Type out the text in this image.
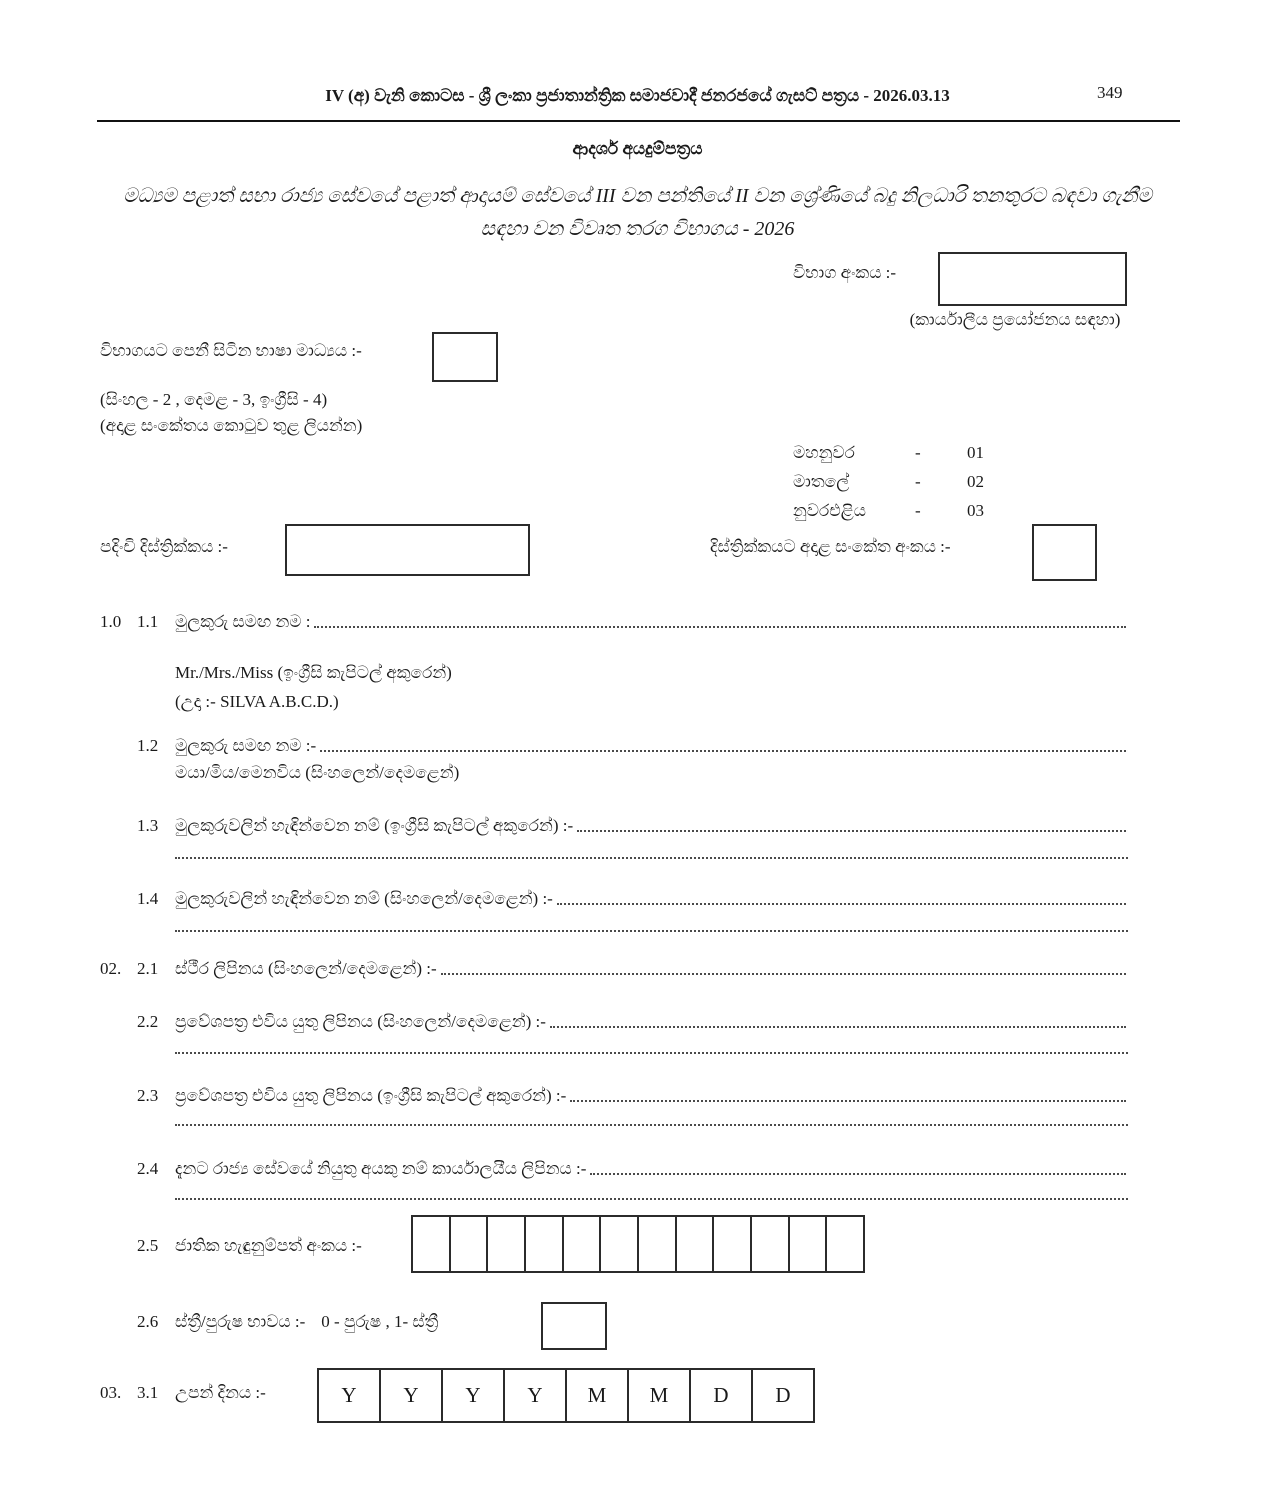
IV (අ) වැනි කොටස - ශ්‍රී ලංකා ප්‍රජාතාන්ත්‍රික සමාජවාදී ජනරජයේ ගැසට් පත්‍රය - 2026.03.13	349
ආදර්ශ අයදුම්පත්‍රය
මධ්‍යම පළාත් සභා රාජ්‍ය සේවයේ පළාත් ආදායම් සේවයේ III වන පන්තියේ II වන ශ්‍රේණියේ බදු නිලධාරි තනතුරට බඳවා ගැනීම
සඳහා වන විවෘත තරග විභාගය - 2026
විභාග අංකය :-
(කාර්යාලීය ප්‍රයෝජනය සඳහා)
විභාගයට පෙනී සිටින භාෂා මාධ්‍යය :-
(සිංහල - 2 , දෙමළ - 3, ඉංග්‍රීසි - 4)
(අදාළ සංකේතය කොටුව තුළ ලියන්න)
මහනුවර	-	01
මාතලේ	-	02
නුවරඑළිය	-	03
පදිංචි දිස්ත්‍රික්කය :-	දිස්ත්‍රික්කයට අදාළ සංකේත අංකය :-
1.0 1.1 මුලකුරු සමඟ නම :
Mr./Mrs./Miss (ඉංග්‍රීසි කැපිටල් අකුරෙන්)
(උදා :- SILVA A.B.C.D.)
1.2 මුලකුරු සමඟ නම :-
මයා/මිය/මෙනවිය (සිංහලෙන්/දෙමළෙන්)
1.3 මුලකුරුවලින් හැඳින්වෙන නම් (ඉංග්‍රීසි කැපිටල් අකුරෙන්) :-
1.4 මුලකුරුවලින් හැඳින්වෙන නම් (සිංහලෙන්/දෙමළෙන්) :-
02. 2.1 ස්ථීර ලිපිනය (සිංහලෙන්/දෙමළෙන්) :-
2.2 ප්‍රවේශපත්‍ර එවිය යුතු ලිපිනය (සිංහලෙන්/දෙමළෙන්) :-
2.3 ප්‍රවේශපත්‍ර එවිය යුතු ලිපිනය (ඉංග්‍රීසි කැපිටල් අකුරෙන්) :-
2.4 දැනට රාජ්‍ය සේවයේ නියුතු අයකු නම් කාර්යාලයීය ලිපිනය :-
2.5 ජාතික හැඳුනුම්පත් අංකය :-
2.6 ස්ත්‍රී/පුරුෂ භාවය :- 0 - පුරුෂ , 1- ස්ත්‍රී
03. 3.1 උපන් දිනය :-	Y	Y	Y	Y	M	M	D	D
